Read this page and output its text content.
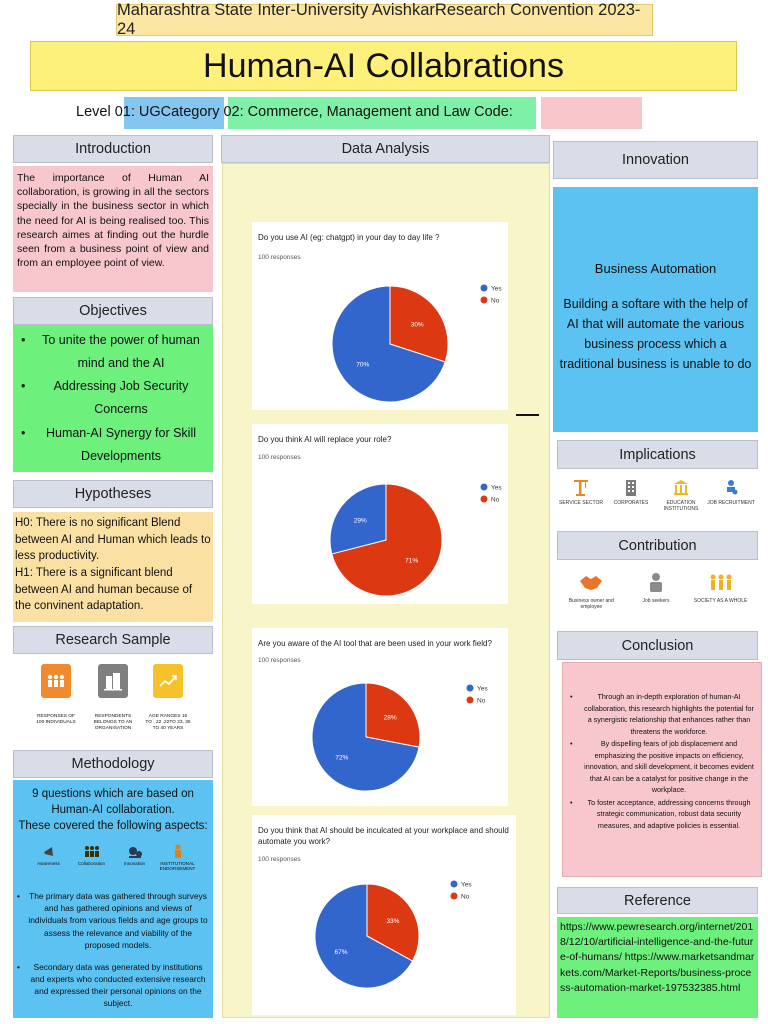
Maharashtra State Inter-University AvishkarResearch Convention 2023-24
Human-AI Collabrations
Level 01: UGCategory 02: Commerce, Management and Law Code:
Introduction
The importance of Human AI collaboration, is growing in all the sectors specially in the business sector in which the need for AI is being realised too. This research aimes at finding out the hurdle seen from a business point of view and from an employee point of view.
Objectives
• To unite the power of human mind and the AI
• Addressing Job Security Concerns
• Human-AI Synergy for Skill Developments
Hypotheses
H0: There is no significant Blend between AI and Human which leads to less productivity.
H1: There is a significant blend between AI and human because of the convinent adaptation.
Research Sample
RESPONSES OF 100 INDIVIDUALS
RESPONDENTS BELONGS TO AN ORGANISATION
AGE RANGES 16 TO , 22 ,22TO 23, 36 TO 40 YEARS
Methodology
9 questions which are based on Human-AI collaboration.
These covered the following aspects:
Awareness	Collaboration	Innovation	INSTITUTIONAL ENDORSEMENT
• The primary data was gathered through surveys and has gathered opinions and views of individuals from various fields and age groups to assess the relevance and viability of the proposed models.
• Secondary data was generated by institutions and experts who conducted extensive research and expressed their personal opinions on the subject.
Data Analysis
Do you use AI (eg: chatgpt) in your day to day life ?
100 responses
30%
70%
Yes
No
Do you think AI will replace your role?
100 responses
71%
29%
Yes
No
Are you aware of the AI tool that are been used in your work field?
100 responses
28%
72%
Yes
No
Do you think that AI should be inculcated at your workplace and should automate you work?
100 responses
33%
67%
Yes
No
Innovation
Business Automation
Building a softare with the help of AI that will automate the various business process which a traditional business is unable to do
Implications
SERVICE SECTOR CORPORATES	EDUCATION INSTITUTIONS
JOB RECRUITMENT
Contribution
Business owner and employee
Job seekers	SOCIETY AS A WHOLE
Conclusion
• Through an in-depth exploration of human-AI collaboration, this research highlights the potential for a synergistic relationship that enhances rather than threatens the workforce.
• By dispelling fears of job displacement and emphasizing the positive impacts on efficiency, innovation, and skill development, it becomes evident that AI can be a catalyst for positive change in the workplace.
• To foster acceptance, addressing concerns through strategic communication, robust data security measures, and adaptive policies is essential.
Reference
https://www.pewresearch.org/internet/2018/12/10/artificial-intelligence-and-the-future-of-humans/ https://www.marketsandmarkets.com/Market-Reports/business-process-automation-market-197532385.html
